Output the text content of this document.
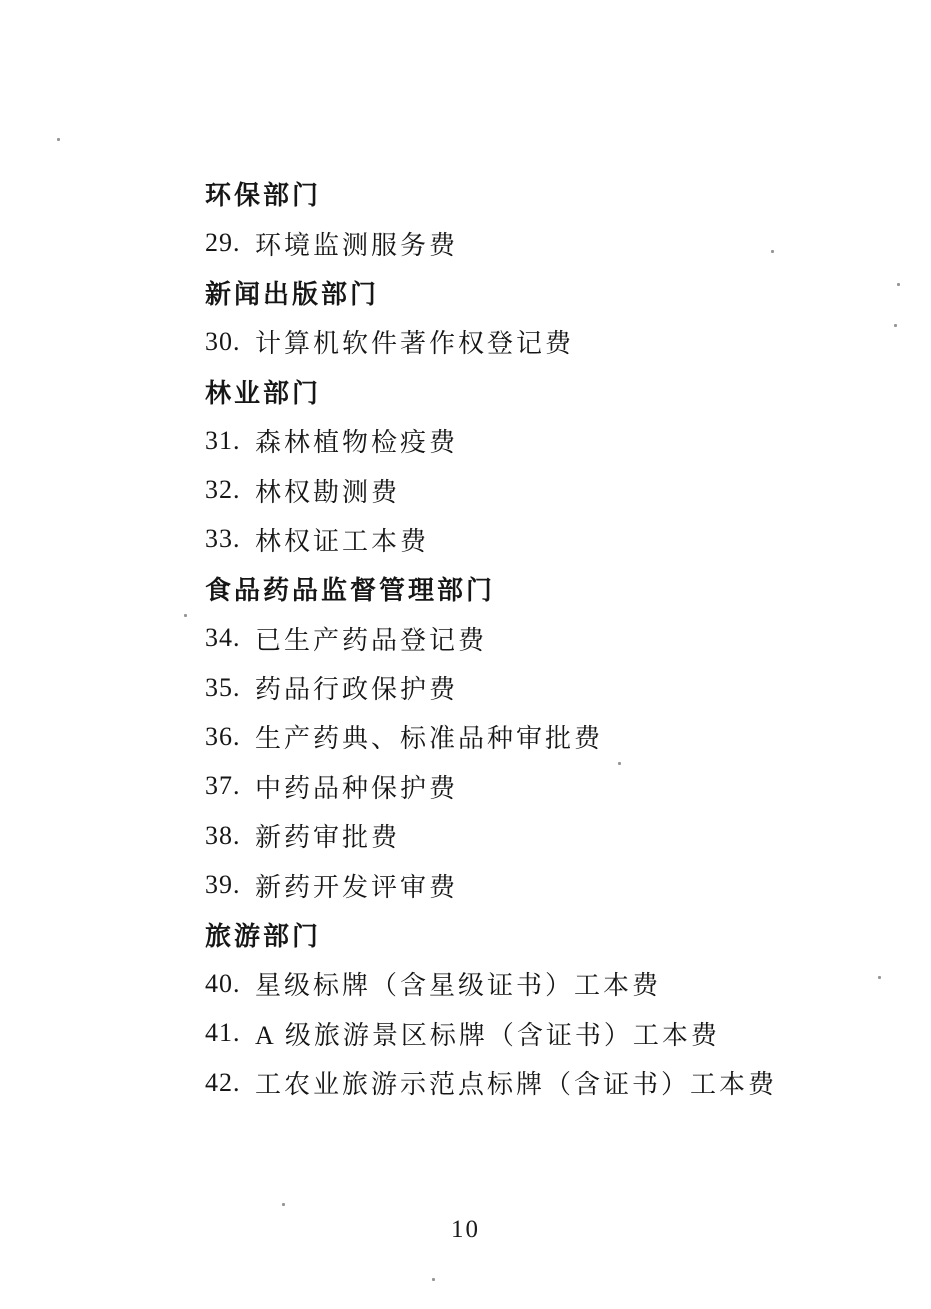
环保部门
29. 环境监测服务费
新闻出版部门
30. 计算机软件著作权登记费
林业部门
31. 森林植物检疫费
32. 林权勘测费
33. 林权证工本费
食品药品监督管理部门
34. 已生产药品登记费
35. 药品行政保护费
36. 生产药典、标准品种审批费
37. 中药品种保护费
38. 新药审批费
39. 新药开发评审费
旅游部门
40. 星级标牌（含星级证书）工本费
41. A 级旅游景区标牌（含证书）工本费
42. 工农业旅游示范点标牌（含证书）工本费
10
